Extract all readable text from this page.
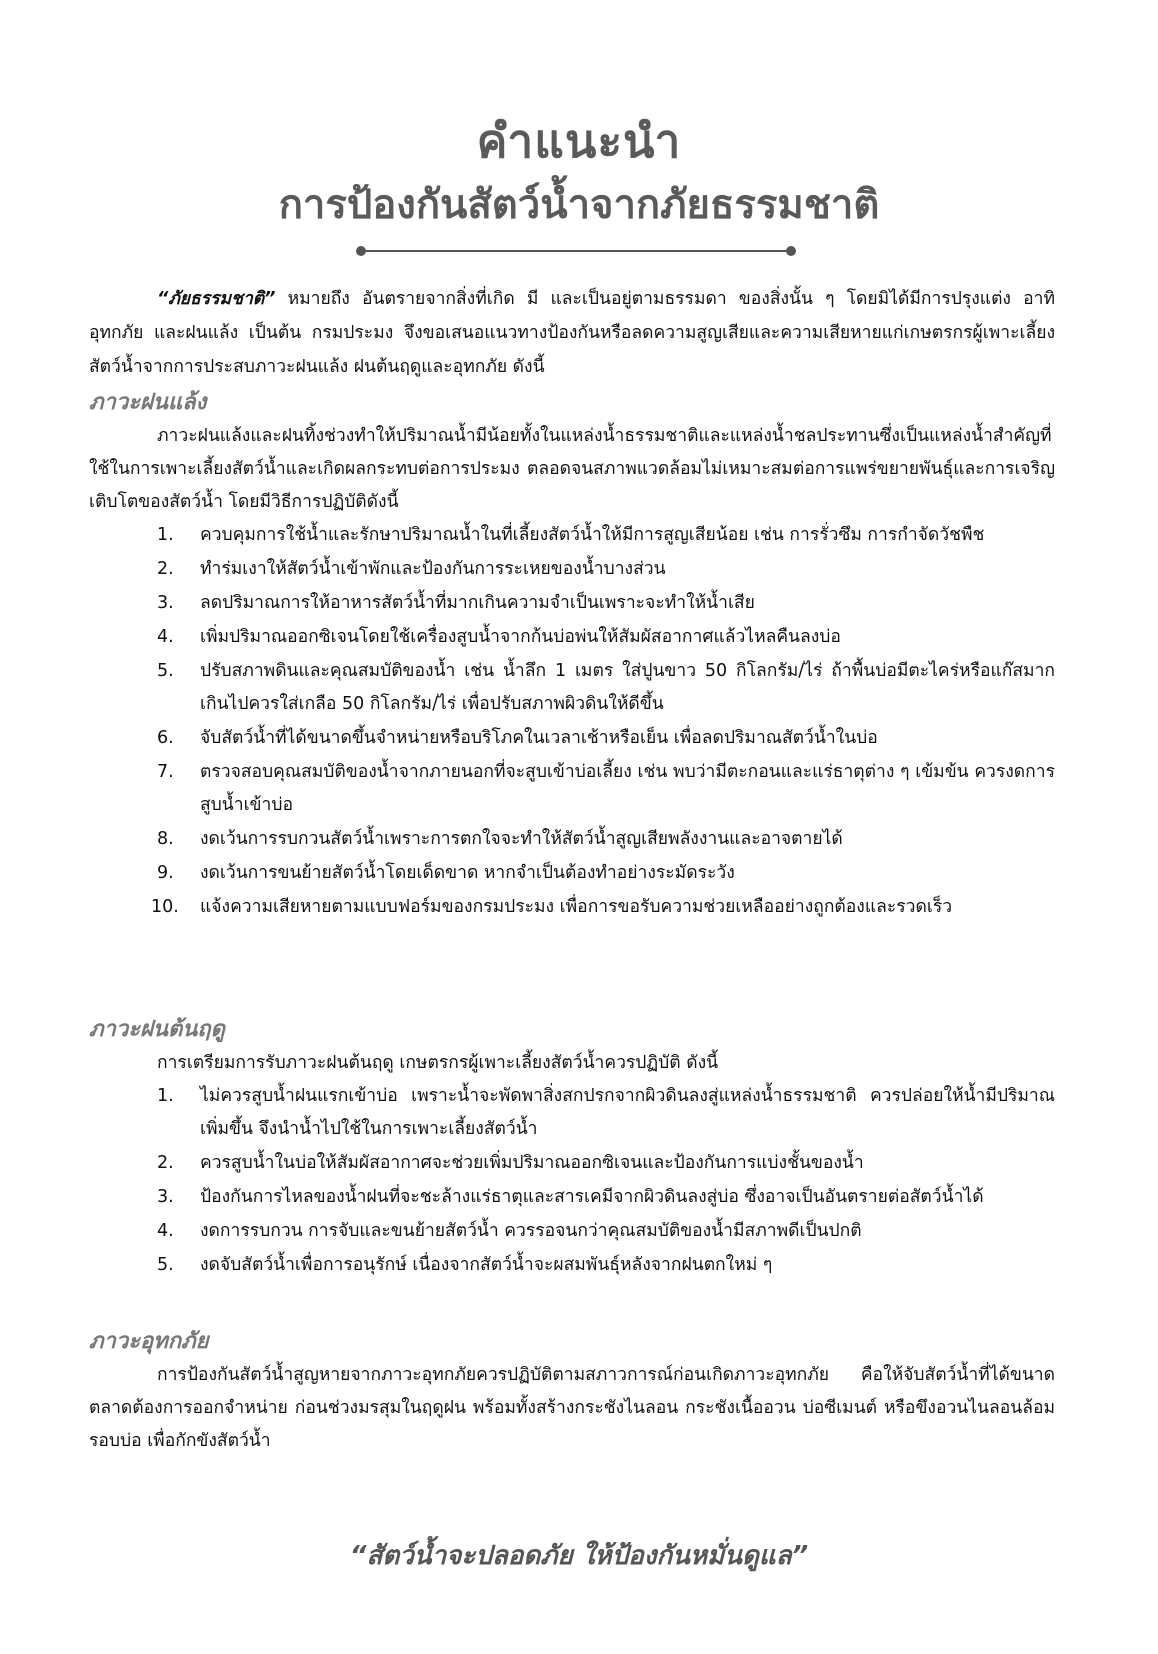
คำแนะนำ
การป้องกันสัตว์น้ำจากภัยธรรมชาติ
“ภัยธรรมชาติ” หมายถึง อันตรายจากสิ่งที่เกิด มี และเป็นอยู่ตามธรรมดา ของสิ่งนั้น ๆ โดยมิได้มีการปรุงแต่ง อาทิ อุทกภัย และฝนแล้ง เป็นต้น กรมประมง จึงขอเสนอแนวทางป้องกันหรือลดความสูญเสียและความเสียหายแก่เกษตรกรผู้เพาะเลี้ยงสัตว์น้ำจากการประสบภาวะฝนแล้ง ฝนต้นฤดูและอุทกภัย ดังนี้
ภาวะฝนแล้ง
ภาวะฝนแล้งและฝนทิ้งช่วงทำให้ปริมาณน้ำมีน้อยทั้งในแหล่งน้ำธรรมชาติและแหล่งน้ำชลประทานซึ่งเป็นแหล่งน้ำสำคัญที่ใช้ในการเพาะเลี้ยงสัตว์น้ำและเกิดผลกระทบต่อการประมง ตลอดจนสภาพแวดล้อมไม่เหมาะสมต่อการแพร่ขยายพันธุ์และการเจริญเติบโตของสัตว์น้ำ โดยมีวิธีการปฏิบัติดังนี้
1. ควบคุมการใช้น้ำและรักษาปริมาณน้ำในที่เลี้ยงสัตว์น้ำให้มีการสูญเสียน้อย เช่น การรั่วซึม การกำจัดวัชพืช
2. ทำร่มเงาให้สัตว์น้ำเข้าพักและป้องกันการระเหยของน้ำบางส่วน
3. ลดปริมาณการให้อาหารสัตว์น้ำที่มากเกินความจำเป็นเพราะจะทำให้น้ำเสีย
4. เพิ่มปริมาณออกซิเจนโดยใช้เครื่องสูบน้ำจากก้นบ่อพ่นให้สัมผัสอากาศแล้วไหลคืนลงบ่อ
5. ปรับสภาพดินและคุณสมบัติของน้ำ เช่น น้ำลึก 1 เมตร ใส่ปูนขาว 50 กิโลกรัม/ไร่ ถ้าพื้นบ่อมีตะไคร่หรือแก๊สมากเกินไปควรใส่เกลือ 50 กิโลกรัม/ไร่ เพื่อปรับสภาพผิวดินให้ดีขึ้น
6. จับสัตว์น้ำที่ได้ขนาดขึ้นจำหน่ายหรือบริโภคในเวลาเช้าหรือเย็น เพื่อลดปริมาณสัตว์น้ำในบ่อ
7. ตรวจสอบคุณสมบัติของน้ำจากภายนอกที่จะสูบเข้าบ่อเลี้ยง เช่น พบว่ามีตะกอนและแร่ธาตุต่าง ๆ เข้มข้น ควรงดการสูบน้ำเข้าบ่อ
8. งดเว้นการรบกวนสัตว์น้ำเพราะการตกใจจะทำให้สัตว์น้ำสูญเสียพลังงานและอาจตายได้
9. งดเว้นการขนย้ายสัตว์น้ำโดยเด็ดขาด หากจำเป็นต้องทำอย่างระมัดระวัง
10. แจ้งความเสียหายตามแบบฟอร์มของกรมประมง เพื่อการขอรับความช่วยเหลืออย่างถูกต้องและรวดเร็ว
ภาวะฝนต้นฤดู
การเตรียมการรับภาวะฝนต้นฤดู เกษตรกรผู้เพาะเลี้ยงสัตว์น้ำควรปฏิบัติ ดังนี้
1. ไม่ควรสูบน้ำฝนแรกเข้าบ่อ เพราะน้ำจะพัดพาสิ่งสกปรกจากผิวดินลงสู่แหล่งน้ำธรรมชาติ ควรปล่อยให้น้ำมีปริมาณเพิ่มขึ้น จึงนำน้ำไปใช้ในการเพาะเลี้ยงสัตว์น้ำ
2. ควรสูบน้ำในบ่อให้สัมผัสอากาศจะช่วยเพิ่มปริมาณออกซิเจนและป้องกันการแบ่งชั้นของน้ำ
3. ป้องกันการไหลของน้ำฝนที่จะชะล้างแร่ธาตุและสารเคมีจากผิวดินลงสู่บ่อ ซึ่งอาจเป็นอันตรายต่อสัตว์น้ำได้
4. งดการรบกวน การจับและขนย้ายสัตว์น้ำ ควรรอจนกว่าคุณสมบัติของน้ำมีสภาพดีเป็นปกติ
5. งดจับสัตว์น้ำเพื่อการอนุรักษ์ เนื่องจากสัตว์น้ำจะผสมพันธุ์หลังจากฝนตกใหม่ ๆ
ภาวะอุทกภัย
การป้องกันสัตว์น้ำสูญหายจากภาวะอุทกภัยควรปฏิบัติตามสภาวการณ์ก่อนเกิดภาวะอุทกภัย คือให้จับสัตว์น้ำที่ได้ขนาดตลาดต้องการออกจำหน่าย ก่อนช่วงมรสุมในฤดูฝน พร้อมทั้งสร้างกระชังไนลอน กระชังเนื้ออวน บ่อซีเมนต์ หรือขึงอวนไนลอนล้อมรอบบ่อ เพื่อกักขังสัตว์น้ำ
“สัตว์น้ำจะปลอดภัย ให้ป้องกันหมั่นดูแล”
